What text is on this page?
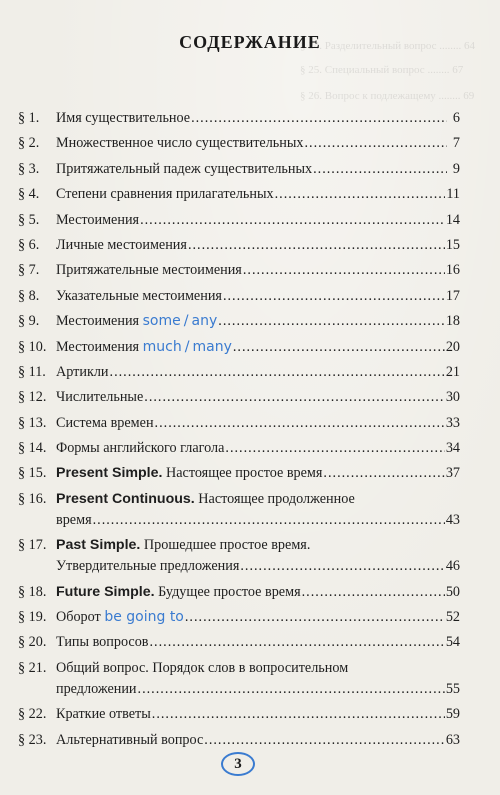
§ 24. Разделительный вопрос ........ 64
§ 25. Специальный вопрос ........ 67
§ 26. Вопрос к подлежащему ........ 69
СОДЕРЖАНИЕ
§ 1.	Имя существительное .....	6
§ 2.	Множественное число существительных .....	7
§ 3.	Притяжательный падеж существительных .....	9
§ 4.	Степени сравнения прилагательных .....	11
§ 5.	Местоимения .....	14
§ 6.	Личные местоимения .....	15
§ 7.	Притяжательные местоимения .....	16
§ 8.	Указательные местоимения .....	17
§ 9.	Местоимения some / any .....	18
§ 10. Местоимения much / many .....	20
§ 11. Артикли .....	21
§ 12. Числительные .....	30
§ 13. Система времен .....	33
§ 14. Формы английского глагола .....	34
§ 15. Present Simple. Настоящее простое время .....	37
§ 16. Present Continuous. Настоящее продолженное
время .....	43
§ 17. Past Simple. Прошедшее простое время.
Утвердительные предложения .....	46
§ 18. Future Simple. Будущее простое время .....	50
§ 19. Оборот be going to .....	52
§ 20. Типы вопросов .....	54
§ 21. Общий вопрос. Порядок слов в вопросительном
предложении .....	55
§ 22. Краткие ответы .....	59
§ 23. Альтернативный вопрос .....	63
3
